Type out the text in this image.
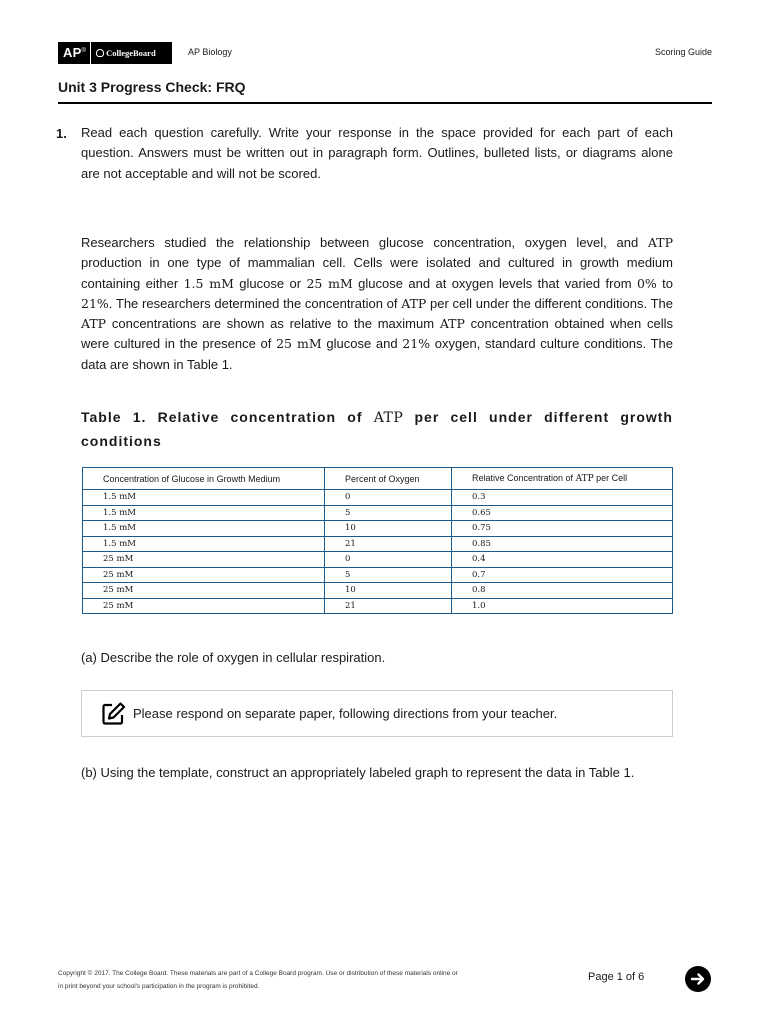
AP®	CollegeBoard	AP Biology	Scoring Guide
Unit 3 Progress Check: FRQ
1. Read each question carefully. Write your response in the space provided for each part of each question. Answers must be written out in paragraph form. Outlines, bulleted lists, or diagrams alone are not acceptable and will not be scored.

Researchers studied the relationship between glucose concentration, oxygen level, and ATP production in one type of mammalian cell. Cells were isolated and cultured in growth medium containing either 1.5 mM glucose or 25 mM glucose and at oxygen levels that varied from 0% to 21%. The researchers determined the concentration of ATP per cell under the different conditions. The ATP concentrations are shown as relative to the maximum ATP concentration obtained when cells were cultured in the presence of 25 mM glucose and 21% oxygen, standard culture conditions. The data are shown in Table 1.

Table 1. Relative concentration of ATP per cell under different growth conditions

Concentration of Glucose in Growth Medium	Percent of Oxygen	Relative Concentration of ATP per Cell
1.5 mM	0	0.3
1.5 mM	5	0.65
1.5 mM	10	0.75
1.5 mM	21	0.85
25 mM	0	0.4
25 mM	5	0.7
25 mM	10	0.8
25 mM	21	1.0

(a) Describe the role of oxygen in cellular respiration.

Please respond on separate paper, following directions from your teacher.

(b) Using the template, construct an appropriately labeled graph to represent the data in Table 1.

Copyright © 2017. The College Board. These materials are part of a College Board program. Use or distribution of these materials online or
in print beyond your school's participation in the program is prohibited.

Page 1 of 6
